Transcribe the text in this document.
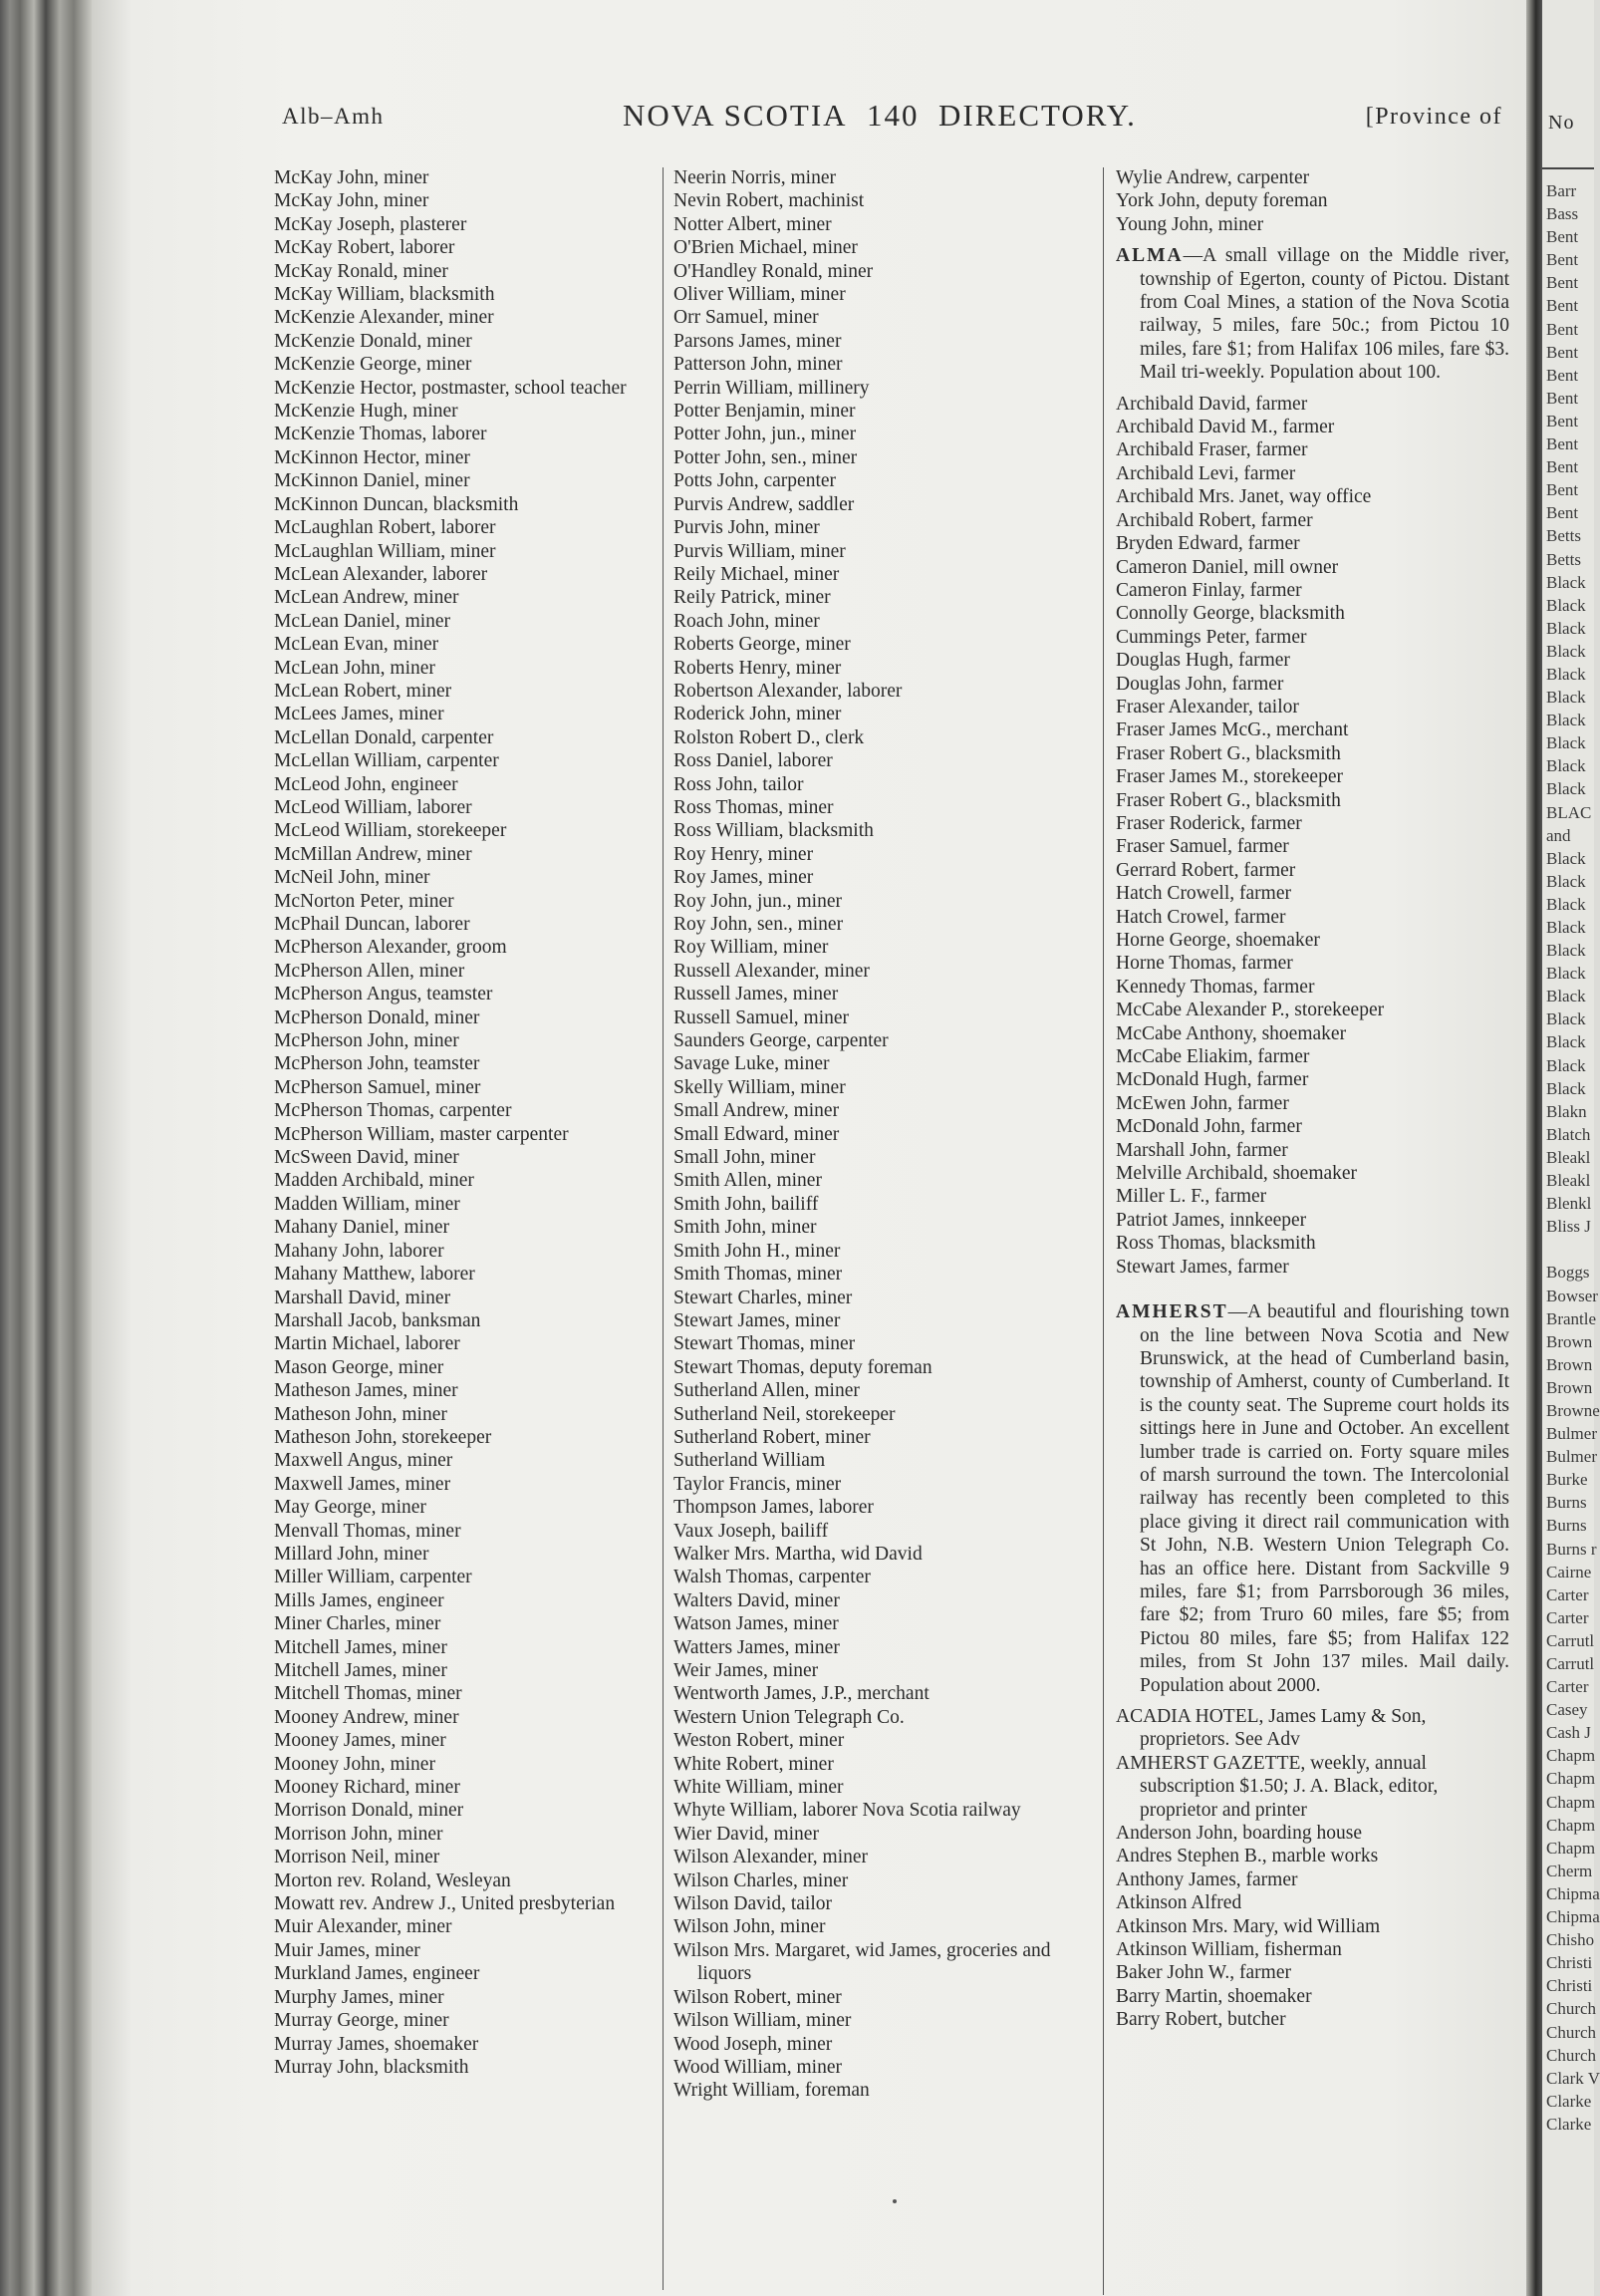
Alb–Amh	NOVA SCOTIA 140 DIRECTORY.	[Province of
McKay John, miner
McKay John, miner
McKay Joseph, plasterer
McKay Robert, laborer
McKay Ronald, miner
McKay William, blacksmith
McKenzie Alexander, miner
McKenzie Donald, miner
McKenzie George, miner
McKenzie Hector, postmaster, school teacher
McKenzie Hugh, miner
McKenzie Thomas, laborer
McKinnon Hector, miner
McKinnon Daniel, miner
McKinnon Duncan, blacksmith
McLaughlan Robert, laborer
McLaughlan William, miner
McLean Alexander, laborer
McLean Andrew, miner
McLean Daniel, miner
McLean Evan, miner
McLean John, miner
McLean Robert, miner
McLees James, miner
McLellan Donald, carpenter
McLellan William, carpenter
McLeod John, engineer
McLeod William, laborer
McLeod William, storekeeper
McMillan Andrew, miner
McNeil John, miner
McNorton Peter, miner
McPhail Duncan, laborer
McPherson Alexander, groom
McPherson Allen, miner
McPherson Angus, teamster
McPherson Donald, miner
McPherson John, miner
McPherson John, teamster
McPherson Samuel, miner
McPherson Thomas, carpenter
McPherson William, master carpenter
McSween David, miner
Madden Archibald, miner
Madden William, miner
Mahany Daniel, miner
Mahany John, laborer
Mahany Matthew, laborer
Marshall David, miner
Marshall Jacob, banksman
Martin Michael, laborer
Mason George, miner
Matheson James, miner
Matheson John, miner
Matheson John, storekeeper
Maxwell Angus, miner
Maxwell James, miner
May George, miner
Menvall Thomas, miner
Millard John, miner
Miller William, carpenter
Mills James, engineer
Miner Charles, miner
Mitchell James, miner
Mitchell James, miner
Mitchell Thomas, miner
Mooney Andrew, miner
Mooney James, miner
Mooney John, miner
Mooney Richard, miner
Morrison Donald, miner
Morrison John, miner
Morrison Neil, miner
Morton rev. Roland, Wesleyan
Mowatt rev. Andrew J., United presbyterian
Muir Alexander, miner
Muir James, miner
Murkland James, engineer
Murphy James, miner
Murray George, miner
Murray James, shoemaker
Murray John, blacksmith
Neerin Norris, miner
Nevin Robert, machinist
Notter Albert, miner
O'Brien Michael, miner
O'Handley Ronald, miner
Oliver William, miner
Orr Samuel, miner
Parsons James, miner
Patterson John, miner
Perrin William, millinery
Potter Benjamin, miner
Potter John, jun., miner
Potter John, sen., miner
Potts John, carpenter
Purvis Andrew, saddler
Purvis John, miner
Purvis William, miner
Reily Michael, miner
Reily Patrick, miner
Roach John, miner
Roberts George, miner
Roberts Henry, miner
Robertson Alexander, laborer
Roderick John, miner
Rolston Robert D., clerk
Ross Daniel, laborer
Ross John, tailor
Ross Thomas, miner
Ross William, blacksmith
Roy Henry, miner
Roy James, miner
Roy John, jun., miner
Roy John, sen., miner
Roy William, miner
Russell Alexander, miner
Russell James, miner
Russell Samuel, miner
Saunders George, carpenter
Savage Luke, miner
Skelly William, miner
Small Andrew, miner
Small Edward, miner
Small John, miner
Smith Allen, miner
Smith John, bailiff
Smith John, miner
Smith John H., miner
Smith Thomas, miner
Stewart Charles, miner
Stewart James, miner
Stewart Thomas, miner
Stewart Thomas, deputy foreman
Sutherland Allen, miner
Sutherland Neil, storekeeper
Sutherland Robert, miner
Sutherland William
Taylor Francis, miner
Thompson James, laborer
Vaux Joseph, bailiff
Walker Mrs. Martha, wid David
Walsh Thomas, carpenter
Walters David, miner
Watson James, miner
Watters James, miner
Weir James, miner
Wentworth James, J.P., merchant
Western Union Telegraph Co.
Weston Robert, miner
White Robert, miner
White William, miner
Whyte William, laborer Nova Scotia railway
Wier David, miner
Wilson Alexander, miner
Wilson Charles, miner
Wilson David, tailor
Wilson John, miner
Wilson Mrs. Margaret, wid James, groceries and liquors
Wilson Robert, miner
Wilson William, miner
Wood Joseph, miner
Wood William, miner
Wright William, foreman
Wylie Andrew, carpenter
York John, deputy foreman
Young John, miner
ALMA—A small village on the Middle river, township of Egerton, county of Pictou. Distant from Coal Mines, a station of the Nova Scotia railway, 5 miles, fare 50c.; from Pictou 10 miles, fare $1; from Halifax 106 miles, fare $3. Mail tri-weekly. Population about 100.
Archibald David, farmer
Archibald David M., farmer
Archibald Fraser, farmer
Archibald Levi, farmer
Archibald Mrs. Janet, way office
Archibald Robert, farmer
Bryden Edward, farmer
Cameron Daniel, mill owner
Cameron Finlay, farmer
Connolly George, blacksmith
Cummings Peter, farmer
Douglas Hugh, farmer
Douglas John, farmer
Fraser Alexander, tailor
Fraser James McG., merchant
Fraser Robert G., blacksmith
Fraser James M., storekeeper
Fraser Robert G., blacksmith
Fraser Roderick, farmer
Fraser Samuel, farmer
Gerrard Robert, farmer
Hatch Crowell, farmer
Hatch Crowel, farmer
Horne George, shoemaker
Horne Thomas, farmer
Kennedy Thomas, farmer
McCabe Alexander P., storekeeper
McCabe Anthony, shoemaker
McCabe Eliakim, farmer
McDonald Hugh, farmer
McEwen John, farmer
McDonald John, farmer
Marshall John, farmer
Melville Archibald, shoemaker
Miller L. F., farmer
Patriot James, innkeeper
Ross Thomas, blacksmith
Stewart James, farmer
AMHERST—A beautiful and flourishing town on the line between Nova Scotia and New Brunswick, at the head of Cumberland basin, township of Amherst, county of Cumberland. It is the county seat. The Supreme court holds its sittings here in June and October. An excellent lumber trade is carried on. Forty square miles of marsh surround the town. The Intercolonial railway has recently been completed to this place giving it direct rail communication with St John, N.B. Western Union Telegraph Co. has an office here. Distant from Sackville 9 miles, fare $1; from Parrsborough 36 miles, fare $2; from Truro 60 miles, fare $5; from Pictou 80 miles, fare $5; from Halifax 122 miles, from St John 137 miles. Mail daily. Population about 2000.
ACADIA HOTEL, James Lamy & Son, proprietors. See Adv
AMHERST GAZETTE, weekly, annual subscription $1.50; J. A. Black, editor, proprietor and printer
Anderson John, boarding house
Andres Stephen B., marble works
Anthony James, farmer
Atkinson Alfred
Atkinson Mrs. Mary, wid William
Atkinson William, fisherman
Baker John W., farmer
Barry Martin, shoemaker
Barry Robert, butcher
No
Barr
Bass
Bent
Bent
Bent
Bent
Bent
Bent
Bent
Bent
Bent
Bent
Bent
Bent
Bent
Betts
Betts
Black
Black
Black
Black
Black
Black
Black
Black
Black
Black
BLAC
and
Black
Black
Black
Black
Black
Black
Black
Black
Black
Black
Black
Blakn
Blatch
Bleakl
Bleakl
Blenkl
Bliss J
Boggs
Bowser
Brantle
Brown
Brown
Brown
Browne
Bulmer
Bulmer
Burke
Burns
Burns
Burns r
Cairne
Carter
Carter
Carrutl
Carrutl
Carter
Casey
Cash J
Chapm
Chapm
Chapm
Chapm
Chapm
Cherm
Chipma
Chipma
Chisho
Christi
Christi
Church
Church
Church
Clark V
Clarke
Clarke
